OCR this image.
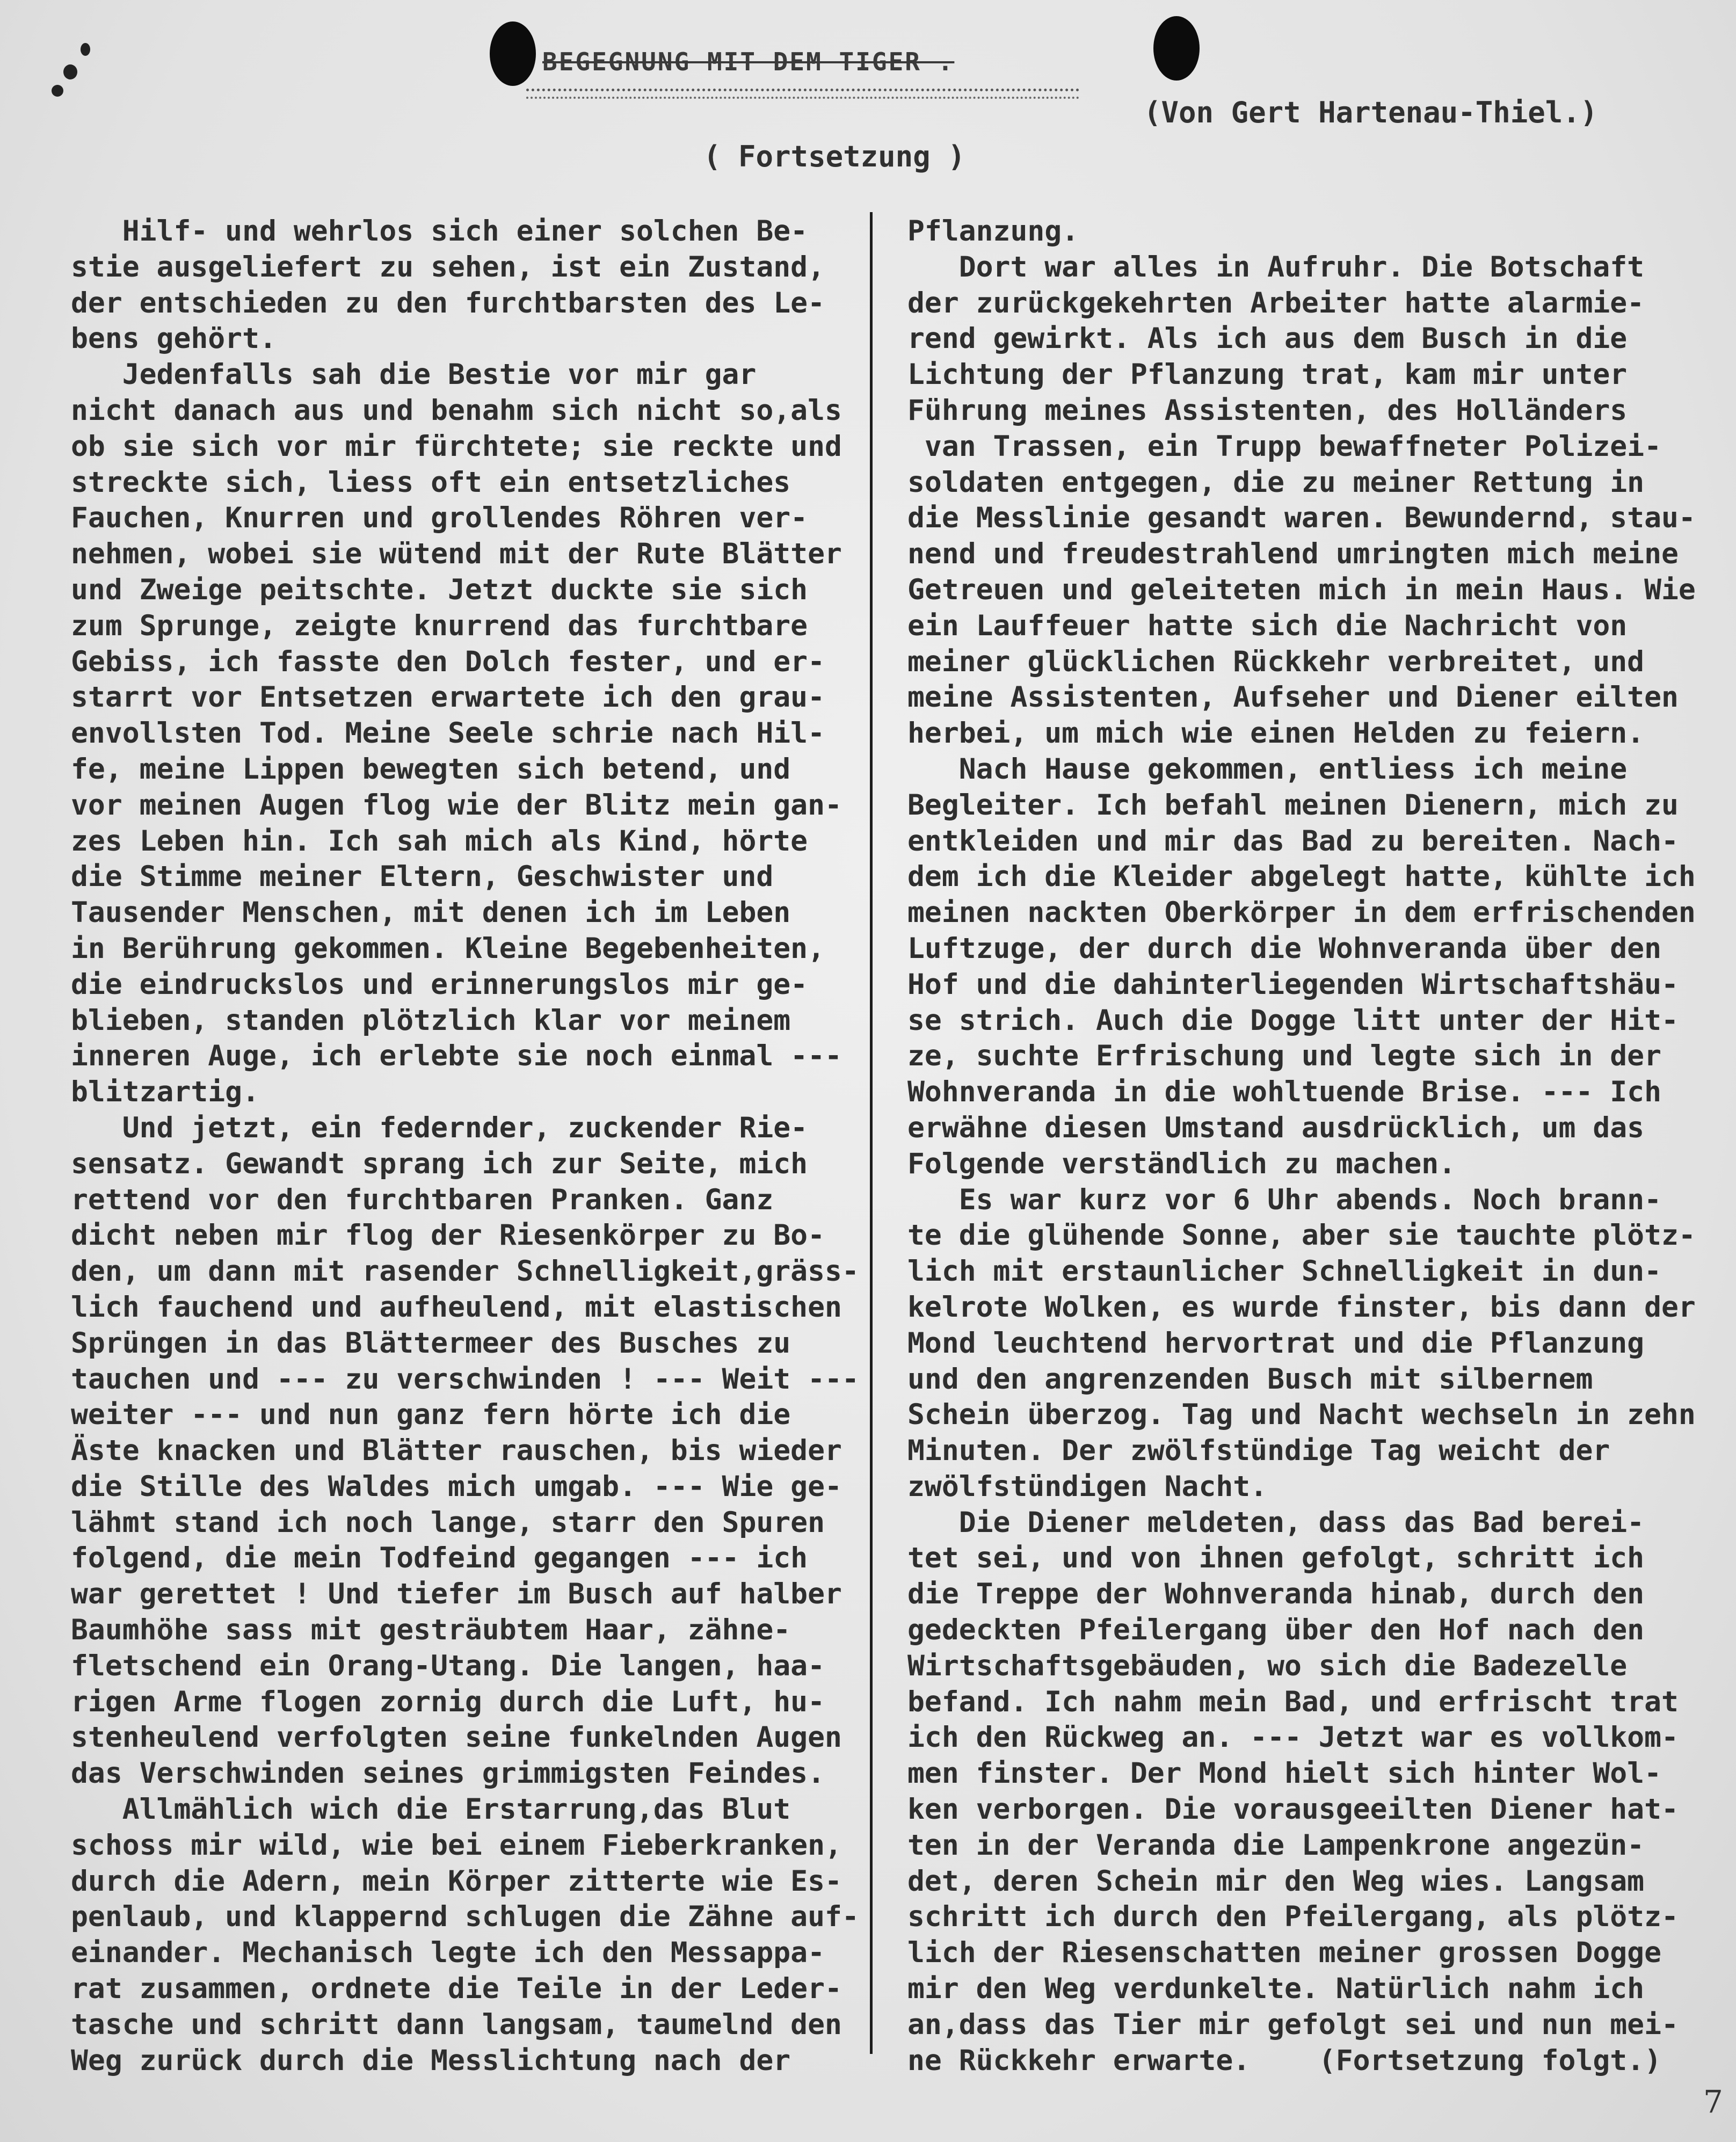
BEGEGNUNG MIT DEM TIGER .
(Von Gert Hartenau-Thiel.)
( Fortsetzung )
Hilf- und wehrlos sich einer solchen Be-
stie ausgeliefert zu sehen, ist ein Zustand,
der entschieden zu den furchtbarsten des Le-
bens gehört.
Jedenfalls sah die Bestie vor mir gar
nicht danach aus und benahm sich nicht so,als
ob sie sich vor mir fürchtete; sie reckte und
streckte sich, liess oft ein entsetzliches
Fauchen, Knurren und grollendes Röhren ver-
nehmen, wobei sie wütend mit der Rute Blätter
und Zweige peitschte. Jetzt duckte sie sich
zum Sprunge, zeigte knurrend das furchtbare
Gebiss, ich fasste den Dolch fester, und er-
starrt vor Entsetzen erwartete ich den grau-
envollsten Tod. Meine Seele schrie nach Hil-
fe, meine Lippen bewegten sich betend, und
vor meinen Augen flog wie der Blitz mein gan-
zes Leben hin. Ich sah mich als Kind, hörte
die Stimme meiner Eltern, Geschwister und
Tausender Menschen, mit denen ich im Leben
in Berührung gekommen. Kleine Begebenheiten,
die eindruckslos und erinnerungslos mir ge-
blieben, standen plötzlich klar vor meinem
inneren Auge, ich erlebte sie noch einmal ---
blitzartig.
Und jetzt, ein federnder, zuckender Rie-
sensatz. Gewandt sprang ich zur Seite, mich
rettend vor den furchtbaren Pranken. Ganz
dicht neben mir flog der Riesenkörper zu Bo-
den, um dann mit rasender Schnelligkeit,gräss-
lich fauchend und aufheulend, mit elastischen
Sprüngen in das Blättermeer des Busches zu
tauchen und --- zu verschwinden ! --- Weit ---
weiter --- und nun ganz fern hörte ich die
Äste knacken und Blätter rauschen, bis wieder
die Stille des Waldes mich umgab. --- Wie ge-
lähmt stand ich noch lange, starr den Spuren
folgend, die mein Todfeind gegangen --- ich
war gerettet ! Und tiefer im Busch auf halber
Baumhöhe sass mit gesträubtem Haar, zähne-
fletschend ein Orang-Utang. Die langen, haa-
rigen Arme flogen zornig durch die Luft, hu-
stenheulend verfolgten seine funkelnden Augen
das Verschwinden seines grimmigsten Feindes.
Allmählich wich die Erstarrung,das Blut
schoss mir wild, wie bei einem Fieberkranken,
durch die Adern, mein Körper zitterte wie Es-
penlaub, und klappernd schlugen die Zähne auf-
einander. Mechanisch legte ich den Messappa-
rat zusammen, ordnete die Teile in der Leder-
tasche und schritt dann langsam, taumelnd den
Weg zurück durch die Messlichtung nach der
Pflanzung.
Dort war alles in Aufruhr. Die Botschaft
der zurückgekehrten Arbeiter hatte alarmie-
rend gewirkt. Als ich aus dem Busch in die
Lichtung der Pflanzung trat, kam mir unter
Führung meines Assistenten, des Holländers
van Trassen, ein Trupp bewaffneter Polizei-
soldaten entgegen, die zu meiner Rettung in
die Messlinie gesandt waren. Bewundernd, stau-
nend und freudestrahlend umringten mich meine
Getreuen und geleiteten mich in mein Haus. Wie
ein Lauffeuer hatte sich die Nachricht von
meiner glücklichen Rückkehr verbreitet, und
meine Assistenten, Aufseher und Diener eilten
herbei, um mich wie einen Helden zu feiern.
Nach Hause gekommen, entliess ich meine
Begleiter. Ich befahl meinen Dienern, mich zu
entkleiden und mir das Bad zu bereiten. Nach-
dem ich die Kleider abgelegt hatte, kühlte ich
meinen nackten Oberkörper in dem erfrischenden
Luftzuge, der durch die Wohnveranda über den
Hof und die dahinterliegenden Wirtschaftshäu-
se strich. Auch die Dogge litt unter der Hit-
ze, suchte Erfrischung und legte sich in der
Wohnveranda in die wohltuende Brise. --- Ich
erwähne diesen Umstand ausdrücklich, um das
Folgende verständlich zu machen.
Es war kurz vor 6 Uhr abends. Noch brann-
te die glühende Sonne, aber sie tauchte plötz-
lich mit erstaunlicher Schnelligkeit in dun-
kelrote Wolken, es wurde finster, bis dann der
Mond leuchtend hervortrat und die Pflanzung
und den angrenzenden Busch mit silbernem
Schein überzog. Tag und Nacht wechseln in zehn
Minuten. Der zwölfstündige Tag weicht der
zwölfstündigen Nacht.
Die Diener meldeten, dass das Bad berei-
tet sei, und von ihnen gefolgt, schritt ich
die Treppe der Wohnveranda hinab, durch den
gedeckten Pfeilergang über den Hof nach den
Wirtschaftsgebäuden, wo sich die Badezelle
befand. Ich nahm mein Bad, und erfrischt trat
ich den Rückweg an. --- Jetzt war es vollkom-
men finster. Der Mond hielt sich hinter Wol-
ken verborgen. Die vorausgeeilten Diener hat-
ten in der Veranda die Lampenkrone angezün-
det, deren Schein mir den Weg wies. Langsam
schritt ich durch den Pfeilergang, als plötz-
lich der Riesenschatten meiner grossen Dogge
mir den Weg verdunkelte. Natürlich nahm ich
an,dass das Tier mir gefolgt sei und nun mei-
ne Rückkehr erwarte.    (Fortsetzung folgt.)
7
